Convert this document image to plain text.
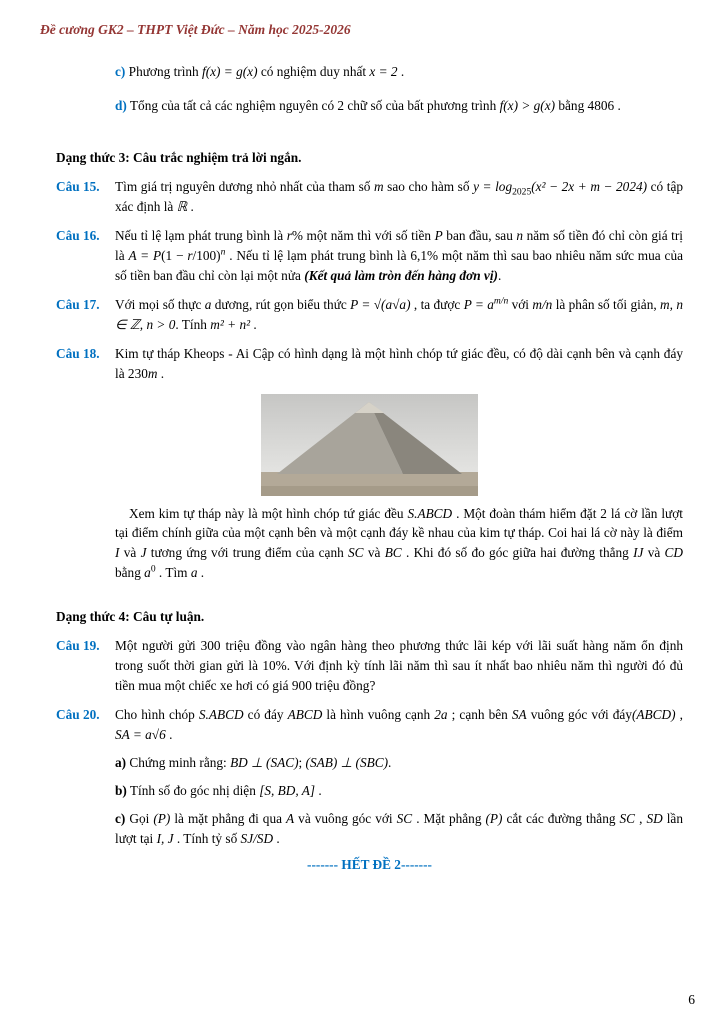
Đề cương GK2 – THPT Việt Đức – Năm học 2025-2026
c) Phương trình f(x) = g(x) có nghiệm duy nhất x = 2 .
d) Tổng của tất cả các nghiệm nguyên có 2 chữ số của bất phương trình f(x) > g(x) bằng 4806 .
Dạng thức 3: Câu trắc nghiệm trả lời ngắn.
Câu 15. Tìm giá trị nguyên dương nhỏ nhất của tham số m sao cho hàm số $y = \log_{2025}(x^2 - 2x + m - 2024)$ có tập xác định là ℝ .
Câu 16. Nếu tỉ lệ lạm phát trung bình là r% một năm thì với số tiền P ban đầu, sau n năm số tiền đó chỉ còn giá trị là $A = P(1 - r/100)^n$ . Nếu tỉ lệ lạm phát trung bình là 6,1% một năm thì sau bao nhiêu năm sức mua của số tiền ban đầu chỉ còn lại một nửa (Kết quả làm tròn đến hàng đơn vị).
Câu 17. Với mọi số thực a dương, rút gọn biểu thức P = √(a√a) , ta được $P = a^{m/n}$ với m/n là phân số tối giản, m, n ∈ ℤ, n > 0. Tính m² + n² .
Câu 18. Kim tự tháp Kheops - Ai Cập có hình dạng là một hình chóp tứ giác đều, có độ dài cạnh bên và cạnh đáy là 230m .
Xem kim tự tháp này là một hình chóp tứ giác đều S.ABCD . Một đoàn thám hiểm đặt 2 lá cờ lần lượt tại điểm chính giữa của một cạnh bên và một cạnh đáy kề nhau của kim tự tháp. Coi hai lá cờ này là điểm I và J tương ứng với trung điểm của cạnh SC và BC . Khi đó số đo góc giữa hai đường thẳng IJ và CD bằng $a^0$ . Tìm a .
Dạng thức 4: Câu tự luận.
Câu 19. Một người gửi 300 triệu đồng vào ngân hàng theo phương thức lãi kép với lãi suất hàng năm ổn định trong suốt thời gian gửi là 10%. Với định kỳ tính lãi năm thì sau ít nhất bao nhiêu năm thì người đó đủ tiền mua một chiếc xe hơi có giá 900 triệu đồng?
Câu 20. Cho hình chóp S.ABCD có đáy ABCD là hình vuông cạnh 2a ; cạnh bên SA vuông góc với đáy(ABCD) , SA = a√6 .
a) Chứng minh rằng: BD ⊥ (SAC); (SAB) ⊥ (SBC).
b) Tính số đo góc nhị diện [S, BD, A] .
c) Gọi (P) là mặt phẳng đi qua A và vuông góc với SC . Mặt phẳng (P) cắt các đường thẳng SC , SD lần lượt tại I, J . Tính tỷ số SJ/SD .
------- HẾT ĐỀ 2-------
6
